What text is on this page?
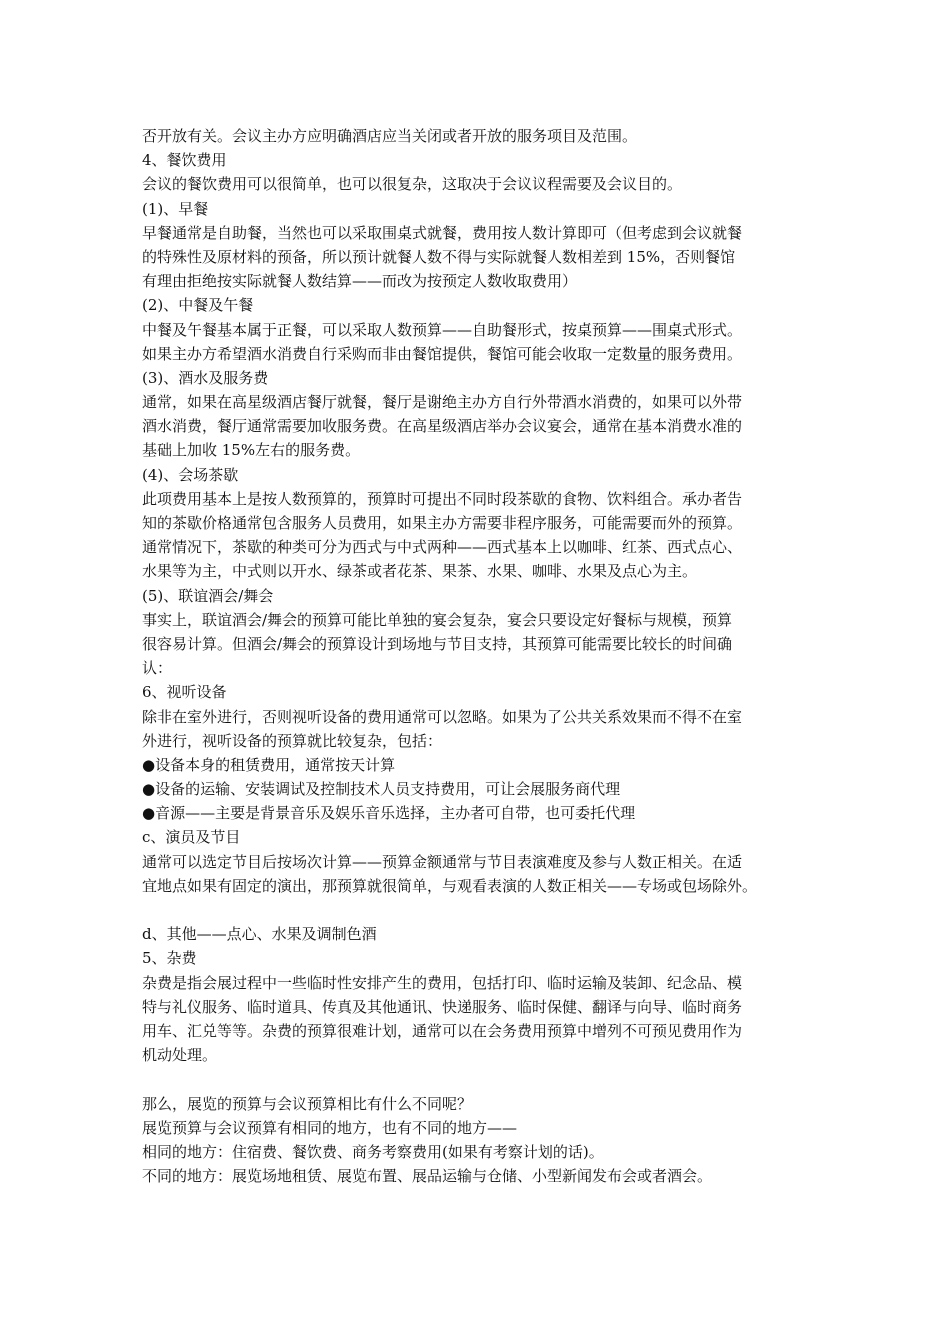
否开放有关。会议主办方应明确酒店应当关闭或者开放的服务项目及范围。
4、餐饮费用
会议的餐饮费用可以很简单，也可以很复杂，这取决于会议议程需要及会议目的。
(1)、早餐
早餐通常是自助餐，当然也可以采取围桌式就餐，费用按人数计算即可（但考虑到会议就餐
的特殊性及原材料的预备，所以预计就餐人数不得与实际就餐人数相差到 15%，否则餐馆
有理由拒绝按实际就餐人数结算——而改为按预定人数收取费用）
(2)、中餐及午餐
中餐及午餐基本属于正餐，可以采取人数预算——自助餐形式，按桌预算——围桌式形式。
如果主办方希望酒水消费自行采购而非由餐馆提供，餐馆可能会收取一定数量的服务费用。
(3)、酒水及服务费
通常，如果在高星级酒店餐厅就餐，餐厅是谢绝主办方自行外带酒水消费的，如果可以外带
酒水消费，餐厅通常需要加收服务费。在高星级酒店举办会议宴会，通常在基本消费水准的
基础上加收 15%左右的服务费。
(4)、会场茶歇
此项费用基本上是按人数预算的，预算时可提出不同时段茶歇的食物、饮料组合。承办者告
知的茶歇价格通常包含服务人员费用，如果主办方需要非程序服务，可能需要而外的预算。
通常情况下，茶歇的种类可分为西式与中式两种——西式基本上以咖啡、红茶、西式点心、
水果等为主，中式则以开水、绿茶或者花茶、果茶、水果、咖啡、水果及点心为主。
(5)、联谊酒会/舞会
事实上，联谊酒会/舞会的预算可能比单独的宴会复杂，宴会只要设定好餐标与规模，预算
很容易计算。但酒会/舞会的预算设计到场地与节目支持，其预算可能需要比较长的时间确
认：
6、视听设备
除非在室外进行，否则视听设备的费用通常可以忽略。如果为了公共关系效果而不得不在室
外进行，视听设备的预算就比较复杂，包括：
●设备本身的租赁费用，通常按天计算
●设备的运输、安装调试及控制技术人员支持费用，可让会展服务商代理
●音源——主要是背景音乐及娱乐音乐选择，主办者可自带，也可委托代理
c、演员及节目
通常可以选定节目后按场次计算——预算金额通常与节目表演难度及参与人数正相关。在适
宜地点如果有固定的演出，那预算就很简单，与观看表演的人数正相关——专场或包场除外。
d、其他——点心、水果及调制色酒
5、杂费
杂费是指会展过程中一些临时性安排产生的费用，包括打印、临时运输及装卸、纪念品、模
特与礼仪服务、临时道具、传真及其他通讯、快递服务、临时保健、翻译与向导、临时商务
用车、汇兑等等。杂费的预算很难计划，通常可以在会务费用预算中增列不可预见费用作为
机动处理。
那么，展览的预算与会议预算相比有什么不同呢？
展览预算与会议预算有相同的地方，也有不同的地方——
相同的地方：住宿费、餐饮费、商务考察费用(如果有考察计划的话)。
不同的地方：展览场地租赁、展览布置、展品运输与仓储、小型新闻发布会或者酒会。
